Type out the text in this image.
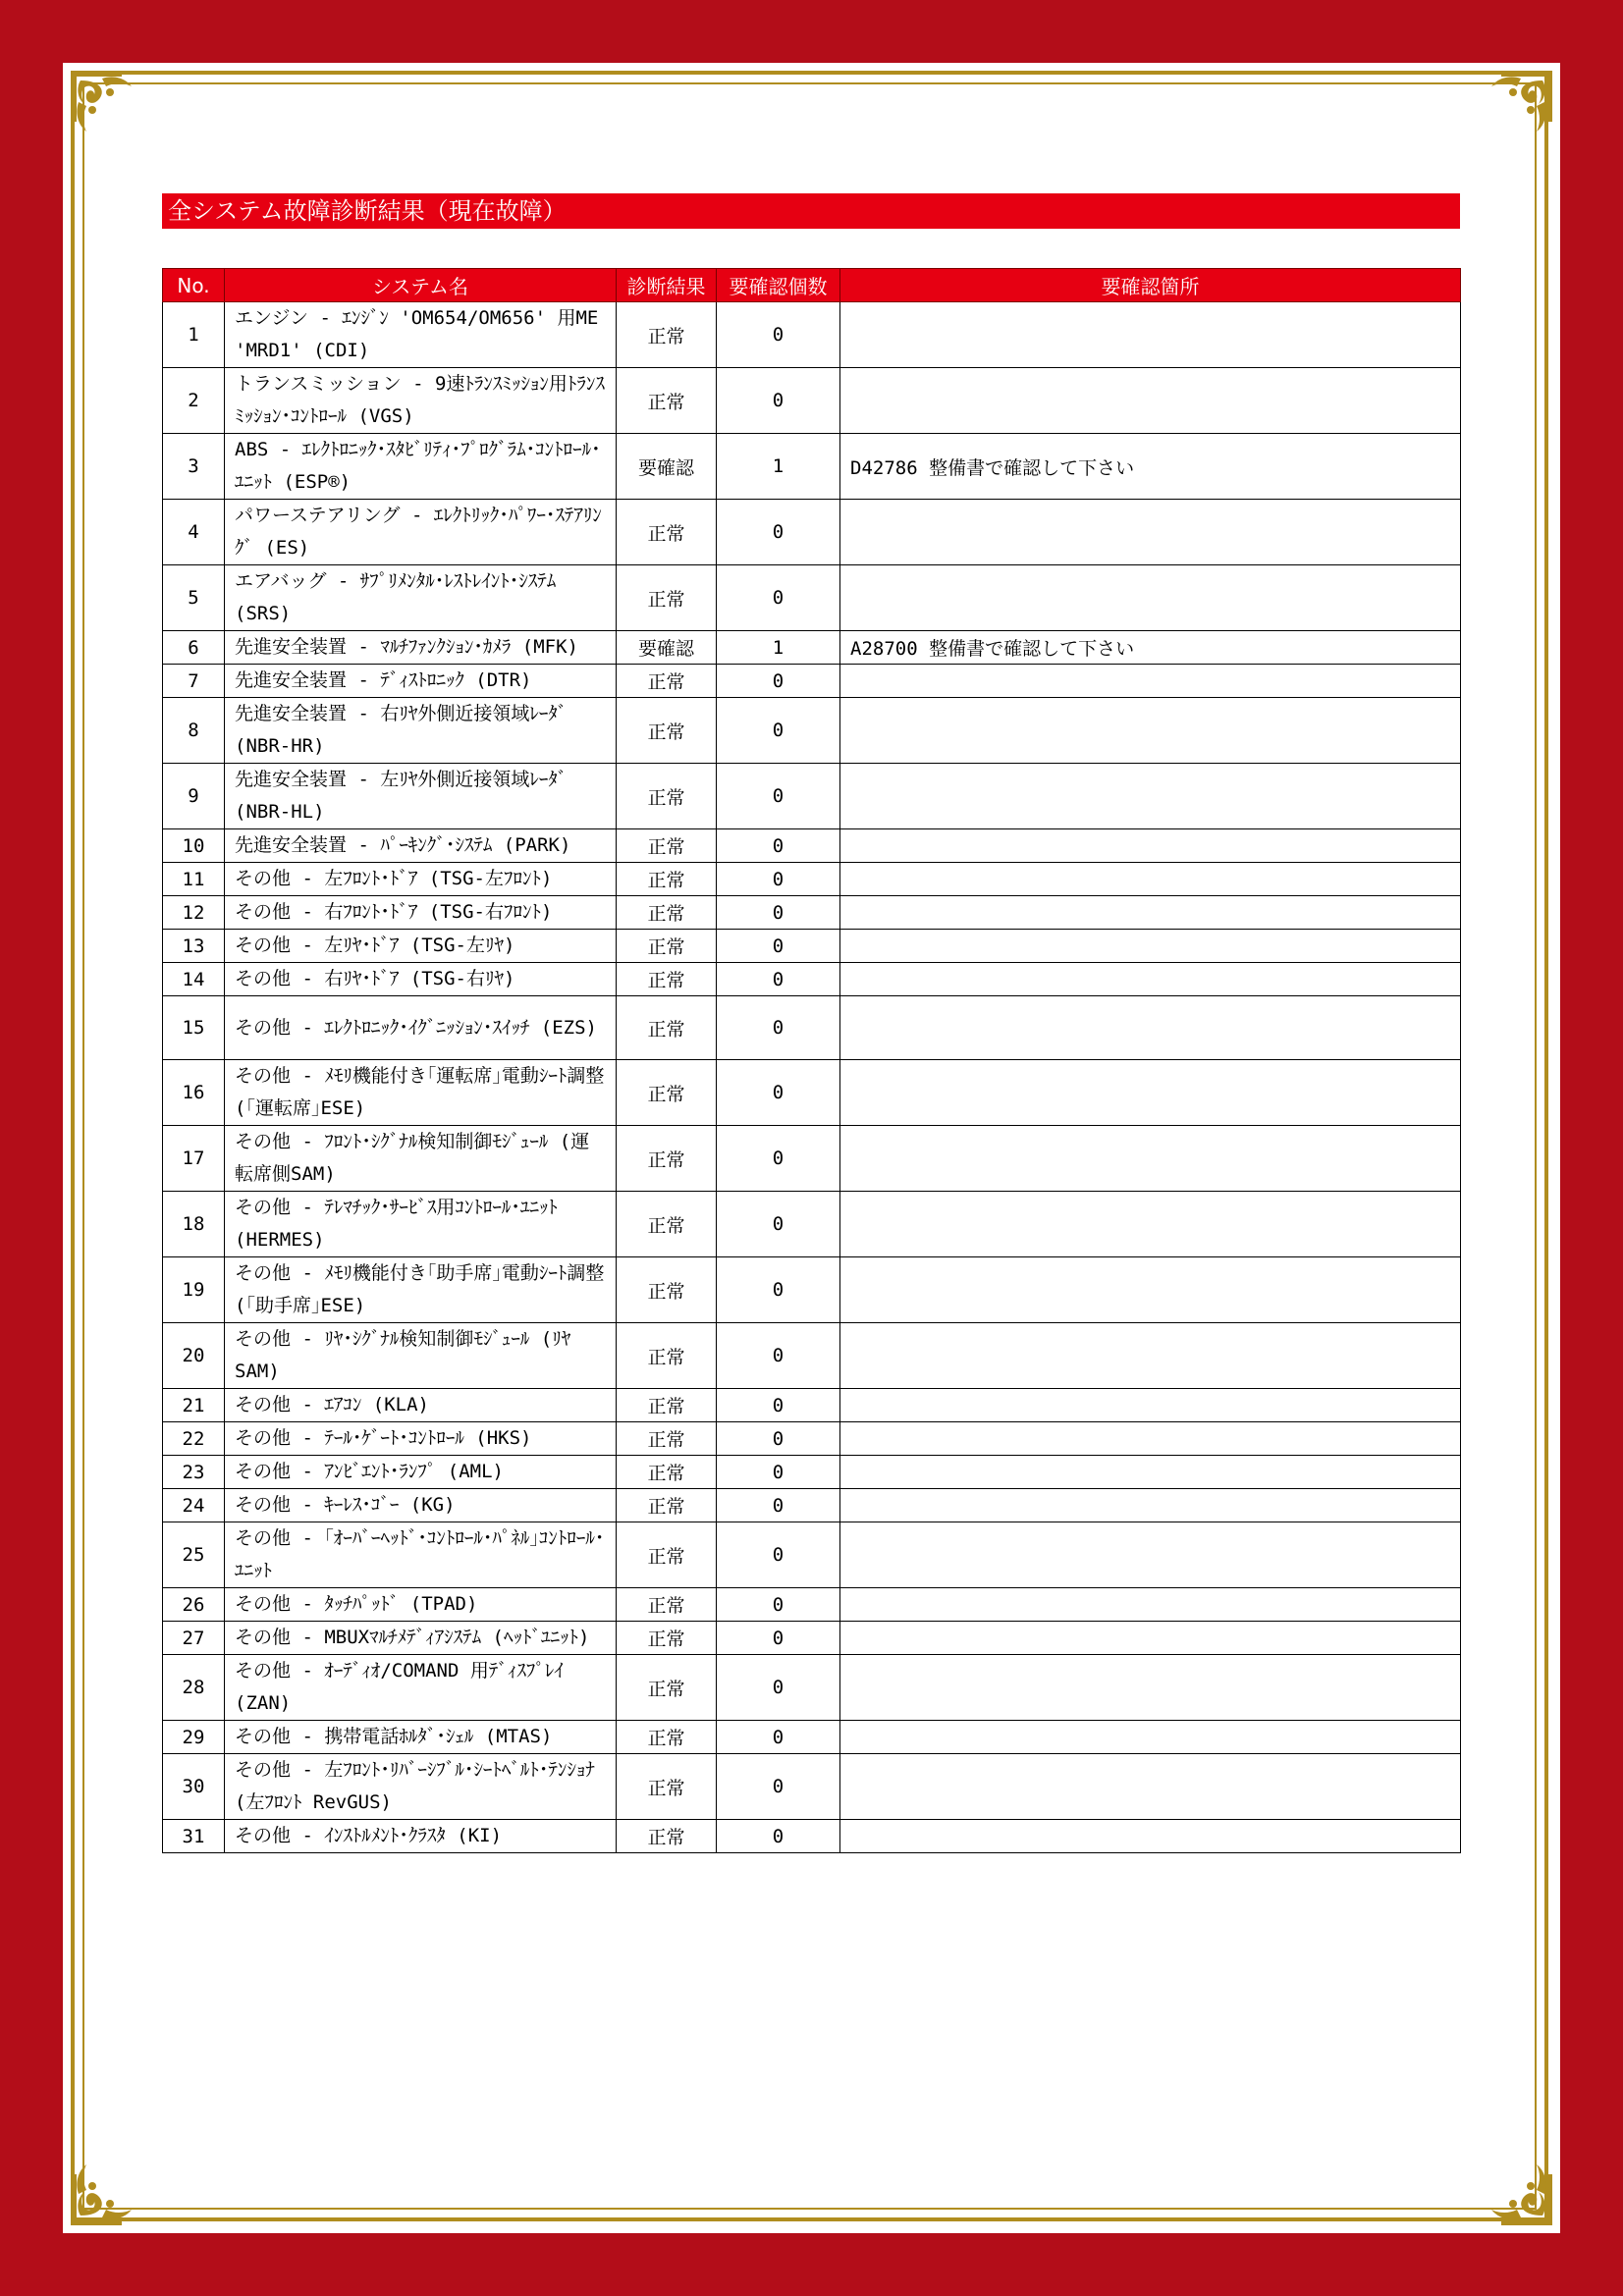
全システム故障診断結果（現在故障）
No.	システム名	診断結果	要確認個数	要確認箇所
1	エンジン - ｴﾝｼﾞﾝ 'OM654/OM656' 用ME 'MRD1' (CDI)	正常	0	
2	トランスミッション - 9速ﾄﾗﾝｽﾐｯｼｮﾝ用ﾄﾗﾝｽﾐｯｼｮﾝ･ｺﾝﾄﾛｰﾙ (VGS)	正常	0	
3	ABS - ｴﾚｸﾄﾛﾆｯｸ･ｽﾀﾋﾞﾘﾃｨ･ﾌﾟﾛｸﾞﾗﾑ･ｺﾝﾄﾛｰﾙ･ﾕﾆｯﾄ (ESP®)	要確認	1	D42786 整備書で確認して下さい
4	パワーステアリング - ｴﾚｸﾄﾘｯｸ･ﾊﾟﾜｰ･ｽﾃｱﾘﾝｸﾞ (ES)	正常	0	
5	エアバッグ - ｻﾌﾟﾘﾒﾝﾀﾙ･ﾚｽﾄﾚｲﾝﾄ･ｼｽﾃﾑ (SRS)	正常	0	
6	先進安全装置 - ﾏﾙﾁﾌｧﾝｸｼｮﾝ･ｶﾒﾗ (MFK)	要確認	1	A28700 整備書で確認して下さい
7	先進安全装置 - ﾃﾞｨｽﾄﾛﾆｯｸ (DTR)	正常	0	
8	先進安全装置 - 右ﾘﾔ外側近接領域ﾚｰﾀﾞ (NBR-HR)	正常	0	
9	先進安全装置 - 左ﾘﾔ外側近接領域ﾚｰﾀﾞ (NBR-HL)	正常	0	
10	先進安全装置 - ﾊﾟｰｷﾝｸﾞ･ｼｽﾃﾑ (PARK)	正常	0	
11	その他 - 左ﾌﾛﾝﾄ･ﾄﾞｱ (TSG-左ﾌﾛﾝﾄ)	正常	0	
12	その他 - 右ﾌﾛﾝﾄ･ﾄﾞｱ (TSG-右ﾌﾛﾝﾄ)	正常	0	
13	その他 - 左ﾘﾔ･ﾄﾞｱ (TSG-左ﾘﾔ)	正常	0	
14	その他 - 右ﾘﾔ･ﾄﾞｱ (TSG-右ﾘﾔ)	正常	0	
15	その他 - ｴﾚｸﾄﾛﾆｯｸ･ｲｸﾞﾆｯｼｮﾝ･ｽｲｯﾁ (EZS)	正常	0	
16	その他 - ﾒﾓﾘ機能付き｢運転席｣電動ｼｰﾄ調整 (｢運転席｣ESE)	正常	0	
17	その他 - ﾌﾛﾝﾄ･ｼｸﾞﾅﾙ検知制御ﾓｼﾞｭｰﾙ (運転席側SAM)	正常	0	
18	その他 - ﾃﾚﾏﾁｯｸ･ｻｰﾋﾞｽ用ｺﾝﾄﾛｰﾙ･ﾕﾆｯﾄ (HERMES)	正常	0	
19	その他 - ﾒﾓﾘ機能付き｢助手席｣電動ｼｰﾄ調整 (｢助手席｣ESE)	正常	0	
20	その他 - ﾘﾔ･ｼｸﾞﾅﾙ検知制御ﾓｼﾞｭｰﾙ (ﾘﾔSAM)	正常	0	
21	その他 - ｴｱｺﾝ (KLA)	正常	0	
22	その他 - ﾃｰﾙ･ｹﾞｰﾄ･ｺﾝﾄﾛｰﾙ (HKS)	正常	0	
23	その他 - ｱﾝﾋﾞｴﾝﾄ･ﾗﾝﾌﾟ (AML)	正常	0	
24	その他 - ｷｰﾚｽ･ｺﾞｰ (KG)	正常	0	
25	その他 - ｢ｵｰﾊﾞｰﾍｯﾄﾞ･ｺﾝﾄﾛｰﾙ･ﾊﾟﾈﾙ｣ｺﾝﾄﾛｰﾙ･ﾕﾆｯﾄ	正常	0	
26	その他 - ﾀｯﾁﾊﾟｯﾄﾞ (TPAD)	正常	0	
27	その他 - MBUXﾏﾙﾁﾒﾃﾞｨｱｼｽﾃﾑ (ﾍｯﾄﾞﾕﾆｯﾄ)	正常	0	
28	その他 - ｵｰﾃﾞｨｵ/COMAND 用ﾃﾞｨｽﾌﾟﾚｲ (ZAN)	正常	0	
29	その他 - 携帯電話ﾎﾙﾀﾞ･ｼｪﾙ (MTAS)	正常	0	
30	その他 - 左ﾌﾛﾝﾄ･ﾘﾊﾞｰｼﾌﾞﾙ･ｼｰﾄﾍﾞﾙﾄ･ﾃﾝｼｮﾅ (左ﾌﾛﾝﾄ RevGUS)	正常	0	
31	その他 - ｲﾝｽﾄﾙﾒﾝﾄ･ｸﾗｽﾀ (KI)	正常	0	
